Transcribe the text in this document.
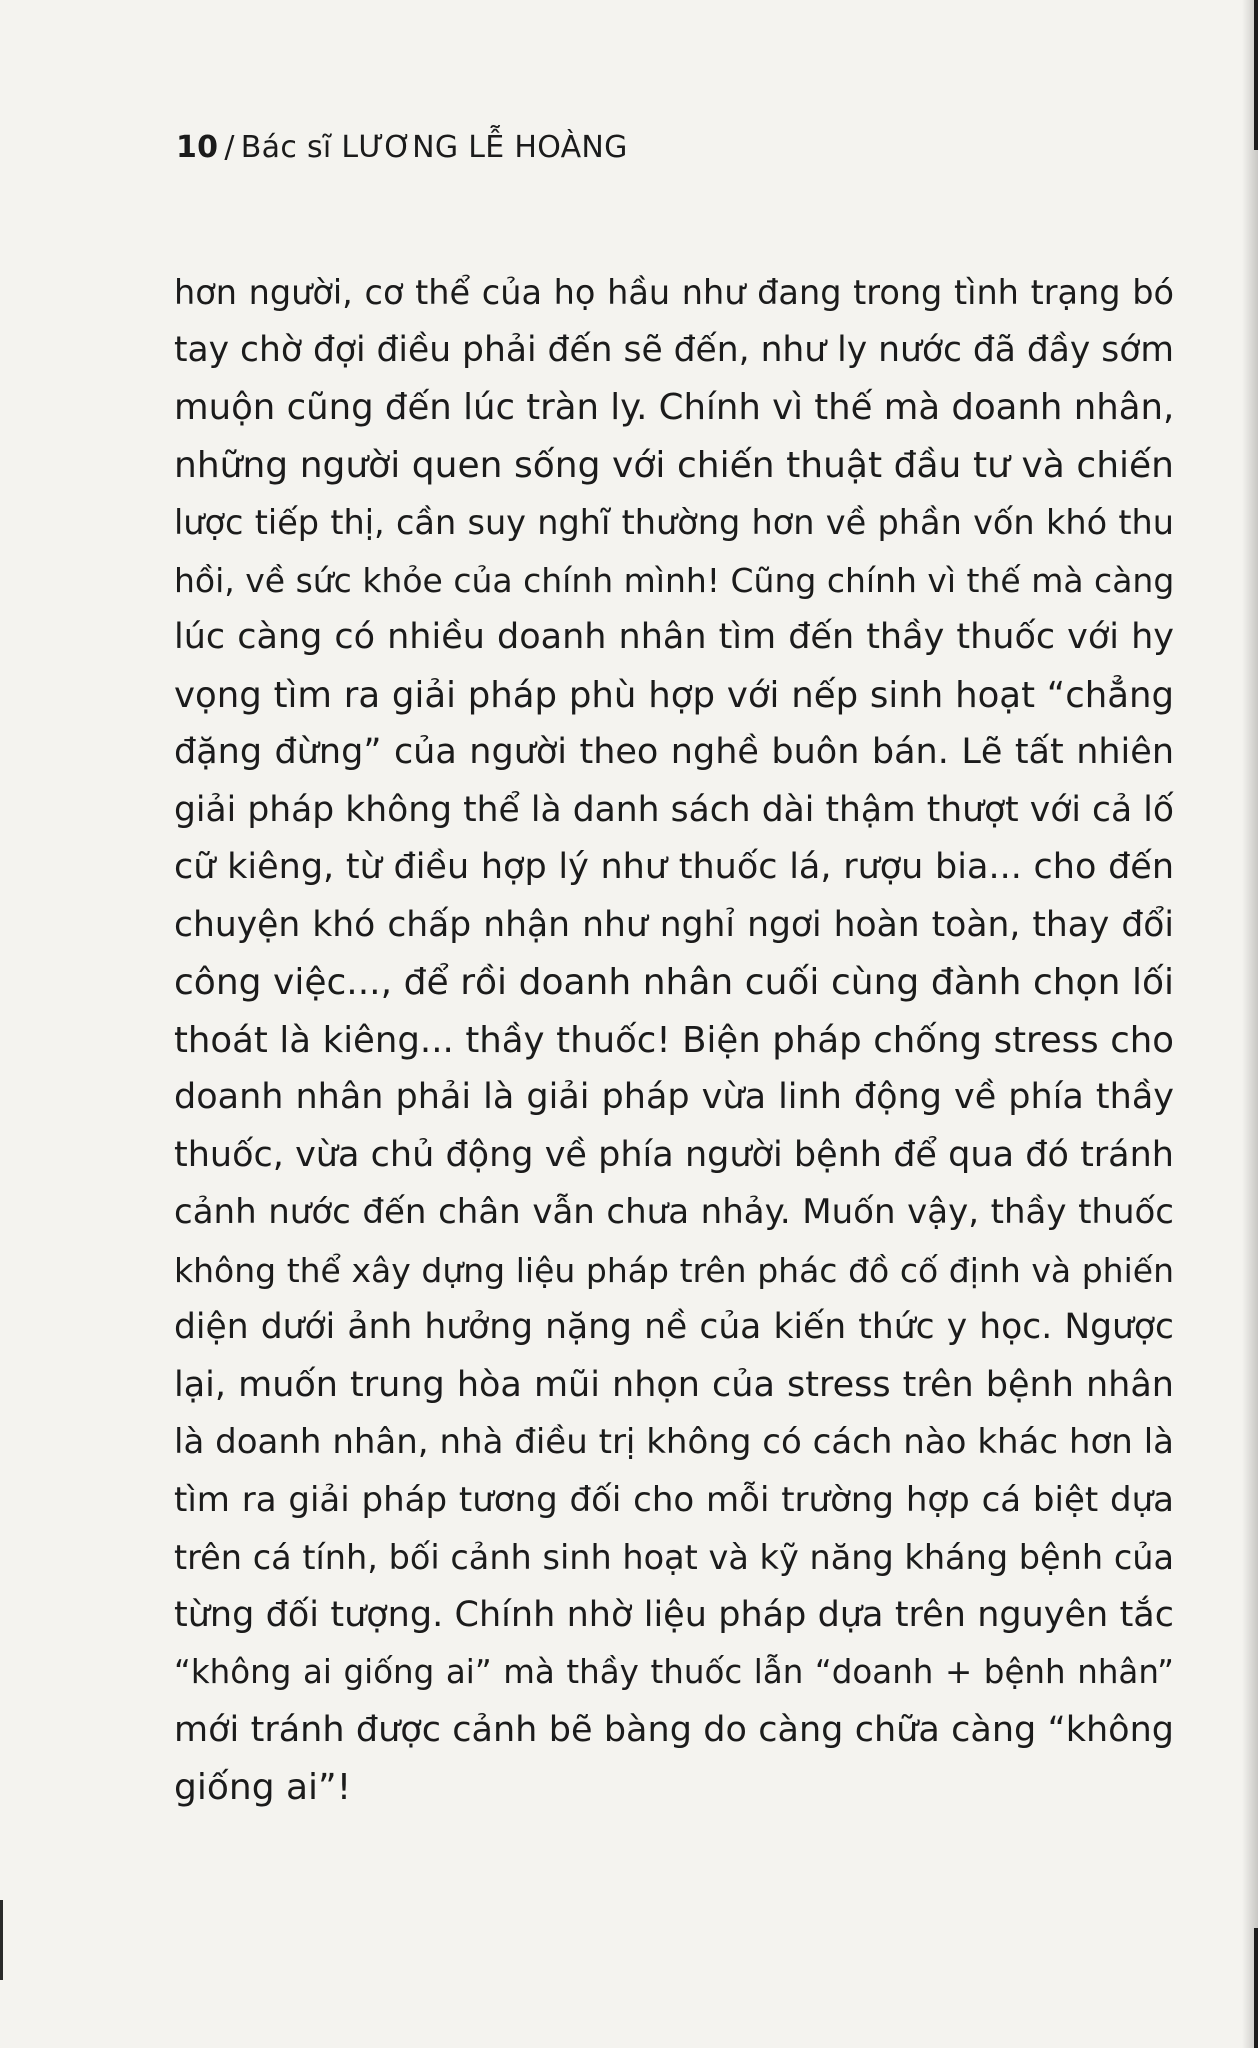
10 / Bác sĩ LƯƠNG LỄ HOÀNG
hơn người, cơ thể của họ hầu như đang trong tình trạng bó
tay chờ đợi điều phải đến sẽ đến, như ly nước đã đầy sớm
muộn cũng đến lúc tràn ly. Chính vì thế mà doanh nhân,
những người quen sống với chiến thuật đầu tư và chiến
lược tiếp thị, cần suy nghĩ thường hơn về phần vốn khó thu
hồi, về sức khỏe của chính mình! Cũng chính vì thế mà càng
lúc càng có nhiều doanh nhân tìm đến thầy thuốc với hy
vọng tìm ra giải pháp phù hợp với nếp sinh hoạt “chẳng
đặng đừng” của người theo nghề buôn bán. Lẽ tất nhiên
giải pháp không thể là danh sách dài thậm thượt với cả lố
cữ kiêng, từ điều hợp lý như thuốc lá, rượu bia... cho đến
chuyện khó chấp nhận như nghỉ ngơi hoàn toàn, thay đổi
công việc..., để rồi doanh nhân cuối cùng đành chọn lối
thoát là kiêng... thầy thuốc! Biện pháp chống stress cho
doanh nhân phải là giải pháp vừa linh động về phía thầy
thuốc, vừa chủ động về phía người bệnh để qua đó tránh
cảnh nước đến chân vẫn chưa nhảy. Muốn vậy, thầy thuốc
không thể xây dựng liệu pháp trên phác đồ cố định và phiến
diện dưới ảnh hưởng nặng nề của kiến thức y học. Ngược
lại, muốn trung hòa mũi nhọn của stress trên bệnh nhân
là doanh nhân, nhà điều trị không có cách nào khác hơn là
tìm ra giải pháp tương đối cho mỗi trường hợp cá biệt dựa
trên cá tính, bối cảnh sinh hoạt và kỹ năng kháng bệnh của
từng đối tượng. Chính nhờ liệu pháp dựa trên nguyên tắc
“không ai giống ai” mà thầy thuốc lẫn “doanh + bệnh nhân”
mới tránh được cảnh bẽ bàng do càng chữa càng “không
giống ai”!
